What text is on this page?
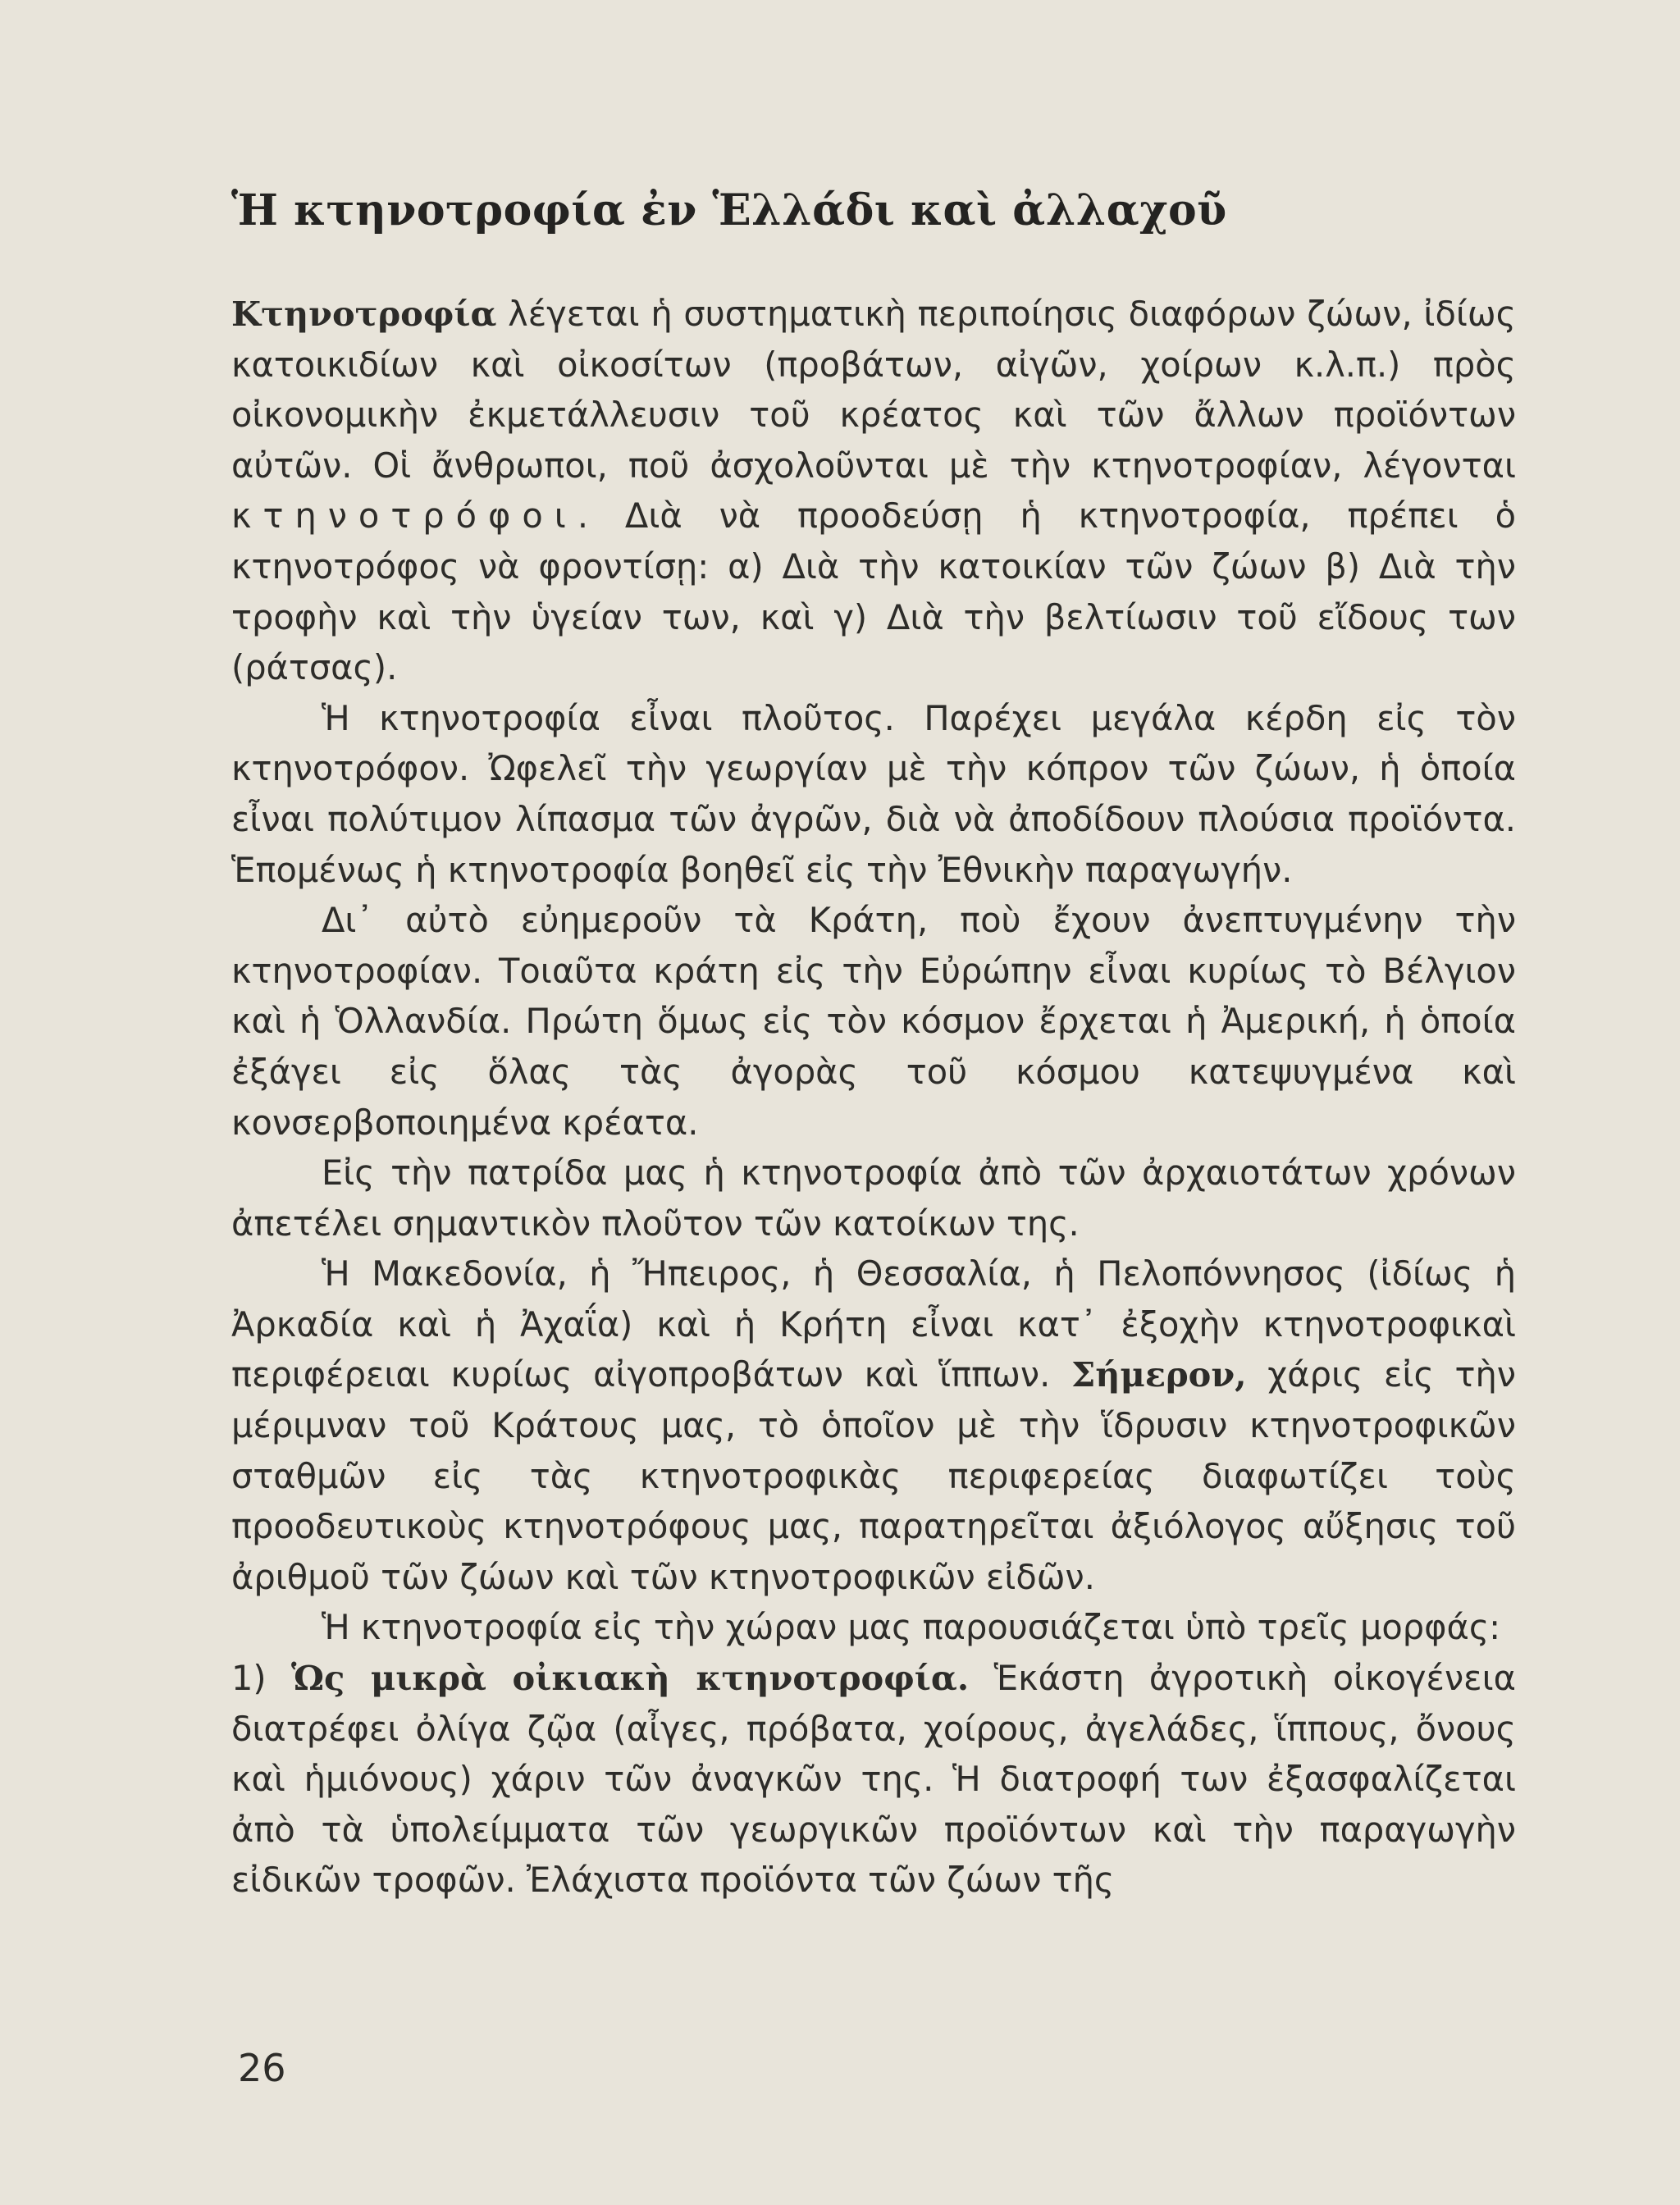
Ἡ κτηνοτροφία ἐν Ἑλλάδι καὶ ἀλλαχοῦ

Κτηνοτροφία λέγεται ἡ συστηματικὴ περιποίησις διαφόρων ζώων, ἰδίως κατοικιδίων καὶ οἰκοσίτων (προβάτων, αἰγῶν, χοίρων κ.λ.π.) πρὸς οἰκονομικὴν ἐκμετάλλευσιν τοῦ κρέατος καὶ τῶν ἄλλων προϊόντων αὐτῶν. Οἱ ἄνθρωποι, ποῦ ἀσχολοῦνται μὲ τὴν κτηνοτροφίαν, λέγονται κτηνοτρόφοι. Διὰ νὰ προοδεύσῃ ἡ κτηνοτροφία, πρέπει ὁ κτηνοτρόφος νὰ φροντίσῃ: α) Διὰ τὴν κατοικίαν τῶν ζώων β) Διὰ τὴν τροφὴν καὶ τὴν ὑγείαν των, καὶ γ) Διὰ τὴν βελτίωσιν τοῦ εἴδους των (ράτσας).

Ἡ κτηνοτροφία εἶναι πλοῦτος. Παρέχει μεγάλα κέρδη εἰς τὸν κτηνοτρόφον. Ὠφελεῖ τὴν γεωργίαν μὲ τὴν κόπρον τῶν ζώων, ἡ ὁποία εἶναι πολύτιμον λίπασμα τῶν ἀγρῶν, διὰ νὰ ἀποδίδουν πλούσια προϊόντα. Ἑπομένως ἡ κτηνοτροφία βοηθεῖ εἰς τὴν Ἐθνικὴν παραγωγήν.

Δι᾽ αὐτὸ εὐημεροῦν τὰ Κράτη, ποὺ ἔχουν ἀνεπτυγμένην τὴν κτηνοτροφίαν. Τοιαῦτα κράτη εἰς τὴν Εὐρώπην εἶναι κυρίως τὸ Βέλγιον καὶ ἡ Ὁλλανδία. Πρώτη ὅμως εἰς τὸν κόσμον ἔρχεται ἡ Ἀμερική, ἡ ὁποία ἐξάγει εἰς ὅλας τὰς ἀγορὰς τοῦ κόσμου κατεψυγμένα καὶ κονσερβοποιημένα κρέατα.

Εἰς τὴν πατρίδα μας ἡ κτηνοτροφία ἀπὸ τῶν ἀρχαιοτάτων χρόνων ἀπετέλει σημαντικὸν πλοῦτον τῶν κατοίκων της.

Ἡ Μακεδονία, ἡ Ἤπειρος, ἡ Θεσσαλία, ἡ Πελοπόννησος (ἰδίως ἡ Ἀρκαδία καὶ ἡ Ἀχαΐα) καὶ ἡ Κρήτη εἶναι κατ᾽ ἐξοχὴν κτηνοτροφικαὶ περιφέρειαι κυρίως αἰγοπροβάτων καὶ ἵππων. Σήμερον, χάρις εἰς τὴν μέριμναν τοῦ Κράτους μας, τὸ ὁποῖον μὲ τὴν ἵδρυσιν κτηνοτροφικῶν σταθμῶν εἰς τὰς κτηνοτροφικὰς περιφερείας διαφωτίζει τοὺς προοδευτικοὺς κτηνοτρόφους μας, παρατηρεῖται ἀξιόλογος αὔξησις τοῦ ἀριθμοῦ τῶν ζώων καὶ τῶν κτηνοτροφικῶν εἰδῶν.

Ἡ κτηνοτροφία εἰς τὴν χώραν μας παρουσιάζεται ὑπὸ τρεῖς μορφάς:

1) Ὡς μικρὰ οἰκιακὴ κτηνοτροφία. Ἑκάστη ἀγροτικὴ οἰκογένεια διατρέφει ὀλίγα ζῷα (αἶγες, πρόβατα, χοίρους, ἀγελάδες, ἵππους, ὄνους καὶ ἡμιόνους) χάριν τῶν ἀναγκῶν της. Ἡ διατροφή των ἐξασφαλίζεται ἀπὸ τὰ ὑπολείμματα τῶν γεωργικῶν προϊόντων καὶ τὴν παραγωγὴν εἰδικῶν τροφῶν. Ἐλάχιστα προϊόντα τῶν ζώων τῆς

26
